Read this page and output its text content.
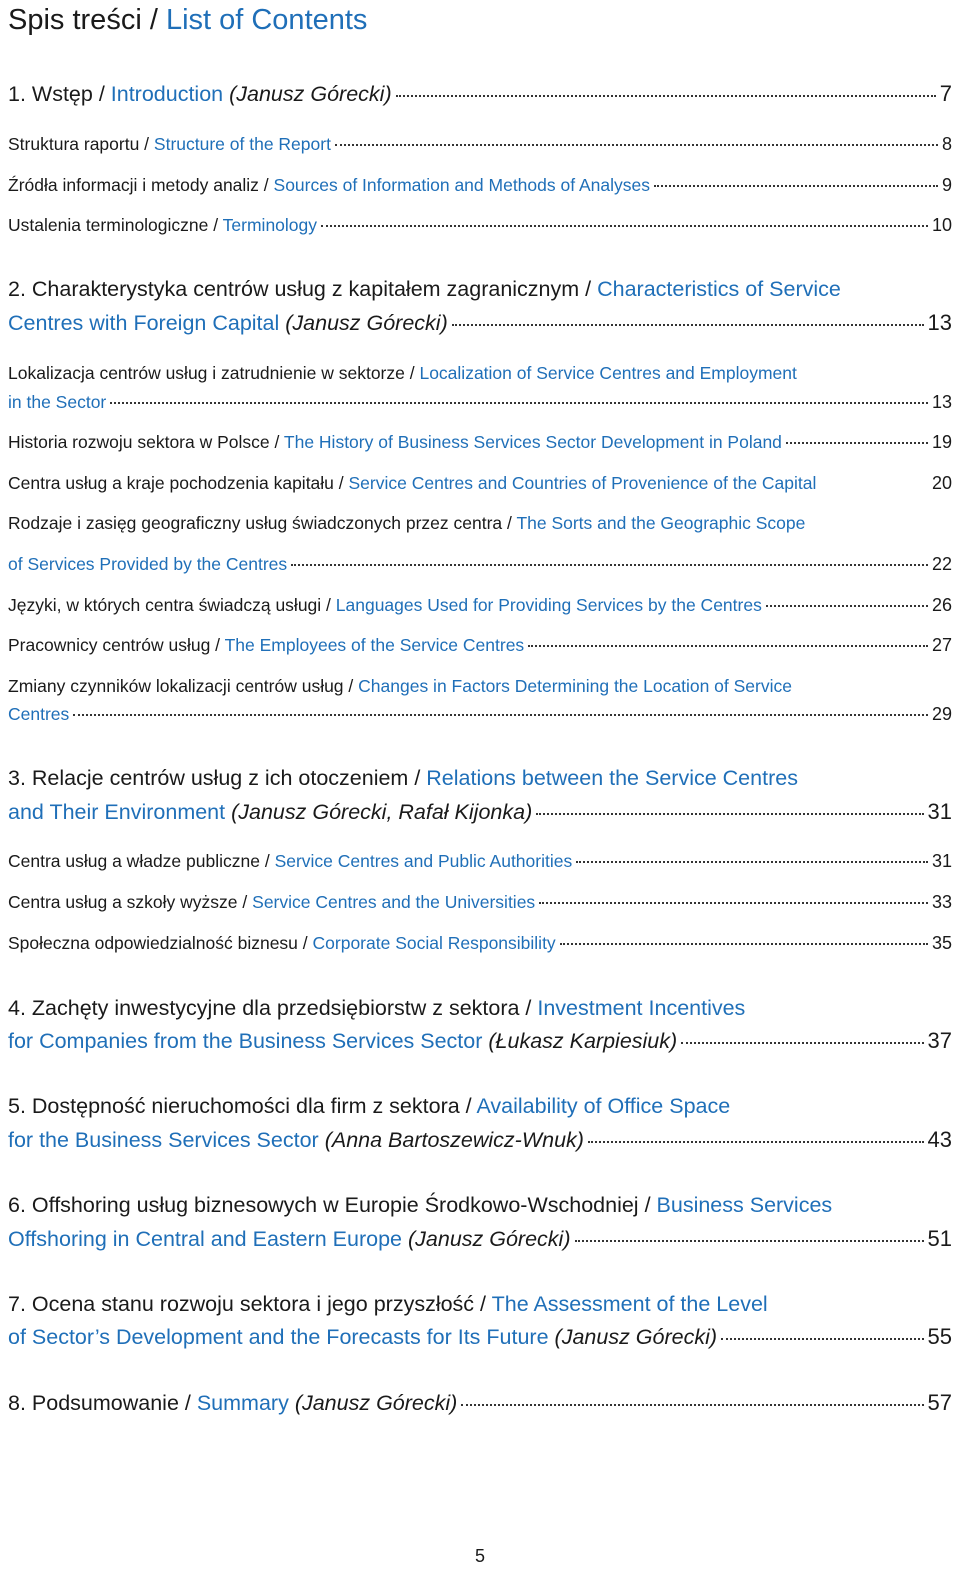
Spis treści / List of Contents
1. Wstęp / Introduction (Janusz Górecki)	7
Struktura raportu / Structure of the Report	8
Źródła informacji i metody analiz / Sources of Information and Methods of Analyses	9
Ustalenia terminologiczne / Terminology	10
2. Charakterystyka centrów usług z kapitałem zagranicznym / Characteristics of Service
Centres with Foreign Capital (Janusz Górecki)	13
Lokalizacja centrów usług i zatrudnienie w sektorze / Localization of Service Centres and Employment
in the Sector	13
Historia rozwoju sektora w Polsce / The History of Business Services Sector Development in Poland	19
Centra usług a kraje pochodzenia kapitału / Service Centres and Countries of Provenience of the Capital	20
Rodzaje i zasięg geograficzny usług świadczonych przez centra / The Sorts and the Geographic Scope
of Services Provided by the Centres	22
Języki, w których centra świadczą usługi / Languages Used for Providing Services by the Centres	26
Pracownicy centrów usług / The Employees of the Service Centres	27
Zmiany czynników lokalizacji centrów usług / Changes in Factors Determining the Location of Service
Centres	29
3. Relacje centrów usług z ich otoczeniem / Relations between the Service Centres
and Their Environment (Janusz Górecki, Rafał Kijonka)	31
Centra usług a władze publiczne / Service Centres and Public Authorities	31
Centra usług a szkoły wyższe / Service Centres and the Universities	33
Społeczna odpowiedzialność biznesu / Corporate Social Responsibility	35
4. Zachęty inwestycyjne dla przedsiębiorstw z sektora / Investment Incentives
for Companies from the Business Services Sector (Łukasz Karpiesiuk)	37
5. Dostępność nieruchomości dla firm z sektora / Availability of Office Space
for the Business Services Sector (Anna Bartoszewicz-Wnuk)	43
6. Offshoring usług biznesowych w Europie Środkowo-Wschodniej / Business Services
Offshoring in Central and Eastern Europe (Janusz Górecki)	51
7. Ocena stanu rozwoju sektora i jego przyszłość / The Assessment of the Level
of Sector’s Development and the Forecasts for Its Future (Janusz Górecki)	55
8. Podsumowanie / Summary (Janusz Górecki)	57
5
